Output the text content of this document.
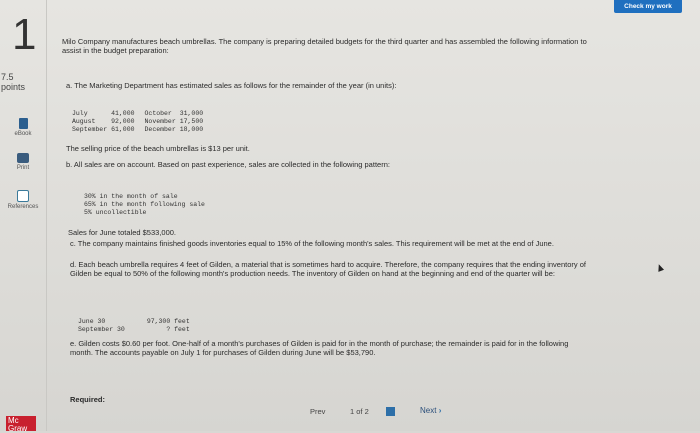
1
7.5
points
eBook
Print
References
Mc Graw
Check my work
Milo Company manufactures beach umbrellas. The company is preparing detailed budgets for the third quarter and has assembled the following information to assist in the budget preparation:
a. The Marketing Department has estimated sales as follows for the remainder of the year (in units):
July	41,000	October	31,000
August	92,000	November	17,500
September	61,000	December	18,000
The selling price of the beach umbrellas is $13 per unit.
b. All sales are on account. Based on past experience, sales are collected in the following pattern:
30% in the month of sale
65% in the month following sale
5% uncollectible
Sales for June totaled $533,000.
c. The company maintains finished goods inventories equal to 15% of the following month's sales. This requirement will be met at the end of June.
d. Each beach umbrella requires 4 feet of Gilden, a material that is sometimes hard to acquire. Therefore, the company requires that the ending inventory of Gilden be equal to 50% of the following month's production needs. The inventory of Gilden on hand at the beginning and end of the quarter will be:
June 30	97,300 feet
September 30	? feet
e. Gilden costs $0.60 per foot. One-half of a month's purchases of Gilden is paid for in the month of purchase; the remainder is paid for in the following month. The accounts payable on July 1 for purchases of Gilden during June will be $53,790.
Required:
Prev	1 of 2	Next ›
